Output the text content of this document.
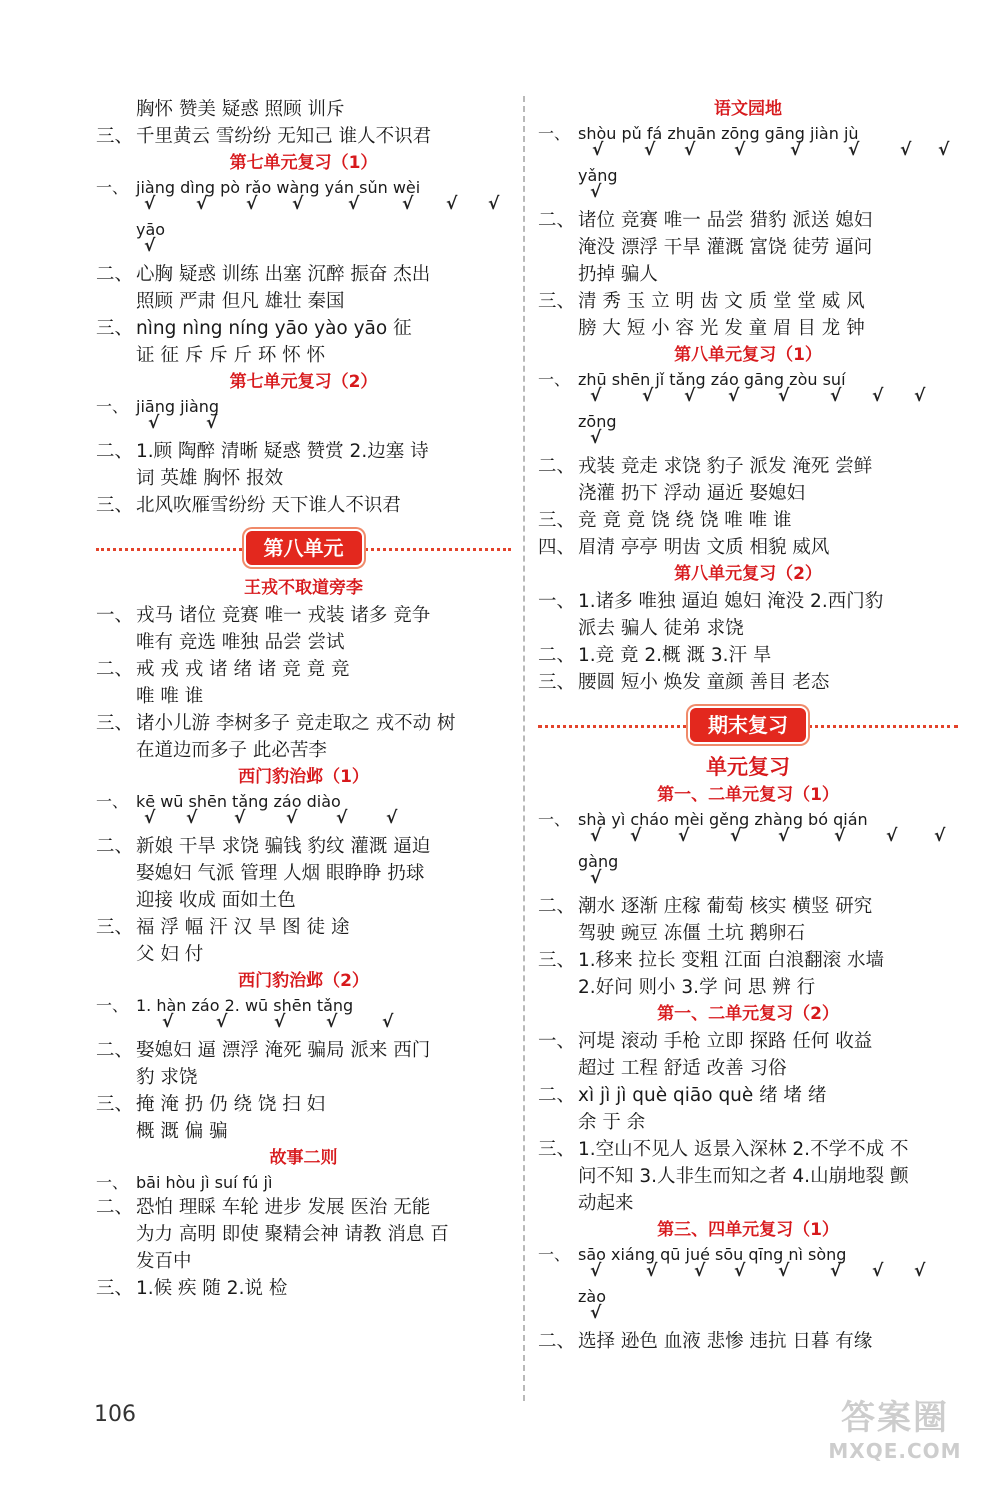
胸怀 赞美 疑惑 照顾 训斥
三、 千里黄云 雪纷纷 无知己 谁人不识君
第七单元复习（1）
一、 jiàng dìng pò rǎo wàng yán sǔn wèi
√ √ √ √	√	√ √ √
yāo
√
二、 心胸 疑惑 训练 出塞 沉醉 振奋 杰出
照顾 严肃 但凡 雄壮 秦国
三、 nìng nìng níng yāo yào yāo 征
证 征 斥 斥 斤 环 怀 怀
第七单元复习（2）
一、 jiāng jiàng
√	√
二、 1.顾 陶醉 清晰 疑惑 赞赏 2.边塞 诗
词 英雄 胸怀 报效
三、 北风吹雁雪纷纷 天下谁人不识君
第八单元
王戎不取道旁李
一、 戎马 诸位 竞赛 唯一 戎装 诸多 竞争
唯有 竞选 唯独 品尝 尝试
二、 戒 戎 戎 诸 绪 诸 竞 竟 竞
唯 唯 谁
三、 诸小儿游 李树多子 竞走取之 戎不动 树
在道边而多子 此必苦李
西门豹治邺（1）
一、 kē wū shēn tǎng záo diào
√ √ √ √ √ √
二、 新娘 干旱 求饶 骗钱 豹纹 灌溉 逼迫
娶媳妇 气派 管理 人烟 眼睁睁 扔球
迎接 收成 面如土色
三、 福 浮 幅 汗 汉 旱 图 徒 途
父 妇 付
西门豹治邺（2）
一、 1. hàn záo 2. wū shēn tǎng
√	√	√ √	√
二、 娶媳妇 逼 漂浮 淹死 骗局 派来 西门
豹 求饶
三、 掩 淹 扔 仍 绕 饶 扫 妇
概 溉 偏 骗
故事二则
一、 bāi hòu jì suí fú jì
二、 恐怕 理睬 车轮 进步 发展 医治 无能
为力 高明 即使 聚精会神 请教 消息 百
发百中
三、 1.候 疾 随 2.说 检
语文园地
一、 shòu pǔ fá zhuān zōng gāng jiàn jù
√ √ √ √	√	√ √ √
yǎng
√
二、 诸位 竞赛 唯一 品尝 猎豹 派送 媳妇
淹没 漂浮 干旱 灌溉 富饶 徒劳 逼问
扔掉 骗人
三、 清 秀 玉 立 明 齿 文 质 堂 堂 威 风
膀 大 短 小 容 光 发 童 眉 目 龙 钟
第八单元复习（1）
一、 zhū shēn jǐ tǎng záo gāng zòu suí
√ √ √ √ √ √ √ √
zōng
√
二、 戎装 竞走 求饶 豹子 派发 淹死 尝鲜
浇灌 扔下 浮动 逼近 娶媳妇
三、 竞 竟 竟 饶 绕 饶 唯 唯 谁
四、 眉清 亭亭 明齿 文质 相貌 威风
第八单元复习（2）
一、 1.诸多 唯独 逼迫 媳妇 淹没 2.西门豹
派去 骗人 徒弟 求饶
二、 1.竞 竟 2.概 溉 3.汗 旱
三、 腰圆 短小 焕发 童颜 善目 老态
期末复习
单元复习
第一、二单元复习（1）
一、 shà yì cháo mèi gěng zhàng bó qián
√ √ √ √ √	√ √ √
gàng
√
二、 潮水 逐渐 庄稼 葡萄 核实 横竖 研究
驾驶 豌豆 冻僵 土坑 鹅卵石
三、 1.移来 拉长 变粗 江面 白浪翻滚 水墙
2.好问 则小 3.学 问 思 辨 行
第一、二单元复习（2）
一、 河堤 滚动 手枪 立即 探路 任何 收益
超过 工程 舒适 改善 习俗
二、 xì jì jì què qiāo què 绪 堵 绪
余 于 余
三、 1.空山不见人 返景入深林 2.不学不成 不
问不知 3.人非生而知之者 4.山崩地裂 颤
动起来
第三、四单元复习（1）
一、 sāo xiáng qū jué sōu qīng nì sòng
√	√ √ √ √ √ √ √
zào
√
二、 选择 逊色 血液 悲惨 违抗 日暮 有缘
106	答案圈
MXQE.COM
